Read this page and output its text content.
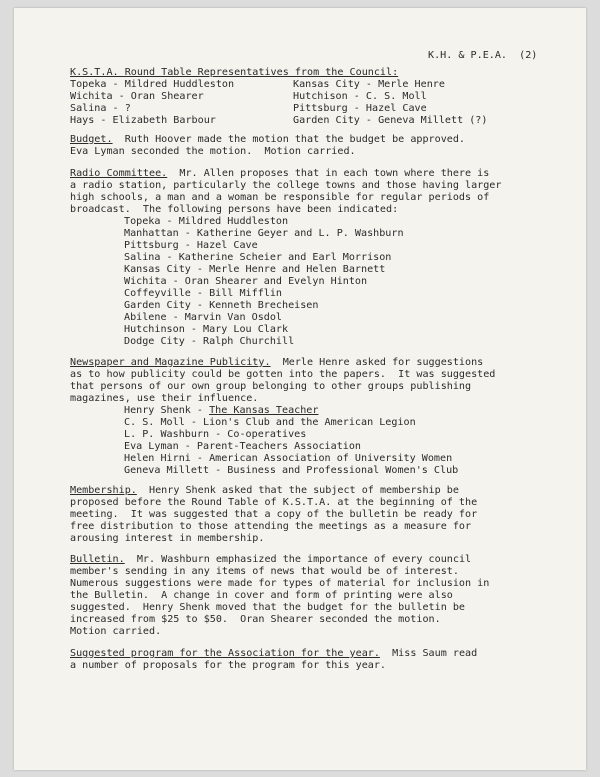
K.H. & P.E.A.  (2)
K.S.T.A. Round Table Representatives from the Council:
Topeka - Mildred Huddleston
Wichita - Oran Shearer
Salina - ?
Hays - Elizabeth Barbour
Kansas City - Merle Henre
Hutchison - C. S. Moll
Pittsburg - Hazel Cave
Garden City - Geneva Millett (?)
Budget. Ruth Hoover made the motion that the budget be approved.
Eva Lyman seconded the motion.  Motion carried.
Radio Committee. Mr. Allen proposes that in each town where there is
a radio station, particularly the college towns and those having larger
high schools, a man and a woman be responsible for regular periods of
broadcast.  The following persons have been indicated:
Topeka - Mildred Huddleston
Manhattan - Katherine Geyer and L. P. Washburn
Pittsburg - Hazel Cave
Salina - Katherine Scheier and Earl Morrison
Kansas City - Merle Henre and Helen Barnett
Wichita - Oran Shearer and Evelyn Hinton
Coffeyville - Bill Mifflin
Garden City - Kenneth Brecheisen
Abilene - Marvin Van Osdol
Hutchinson - Mary Lou Clark
Dodge City - Ralph Churchill
Newspaper and Magazine Publicity. Merle Henre asked for suggestions
as to how publicity could be gotten into the papers.  It was suggested
that persons of our own group belonging to other groups publishing
magazines, use their influence.
Henry Shenk - The Kansas Teacher
C. S. Moll - Lion's Club and the American Legion
L. P. Washburn - Co-operatives
Eva Lyman - Parent-Teachers Association
Helen Hirni - American Association of University Women
Geneva Millett - Business and Professional Women's Club
Membership. Henry Shenk asked that the subject of membership be
proposed before the Round Table of K.S.T.A. at the beginning of the
meeting.  It was suggested that a copy of the bulletin be ready for
free distribution to those attending the meetings as a measure for
arousing interest in membership.
Bulletin. Mr. Washburn emphasized the importance of every council
member's sending in any items of news that would be of interest.
Numerous suggestions were made for types of material for inclusion in
the Bulletin.  A change in cover and form of printing were also
suggested.  Henry Shenk moved that the budget for the bulletin be
increased from $25 to $50.  Oran Shearer seconded the motion.
Motion carried.
Suggested program for the Association for the year. Miss Saum read
a number of proposals for the program for this year.
